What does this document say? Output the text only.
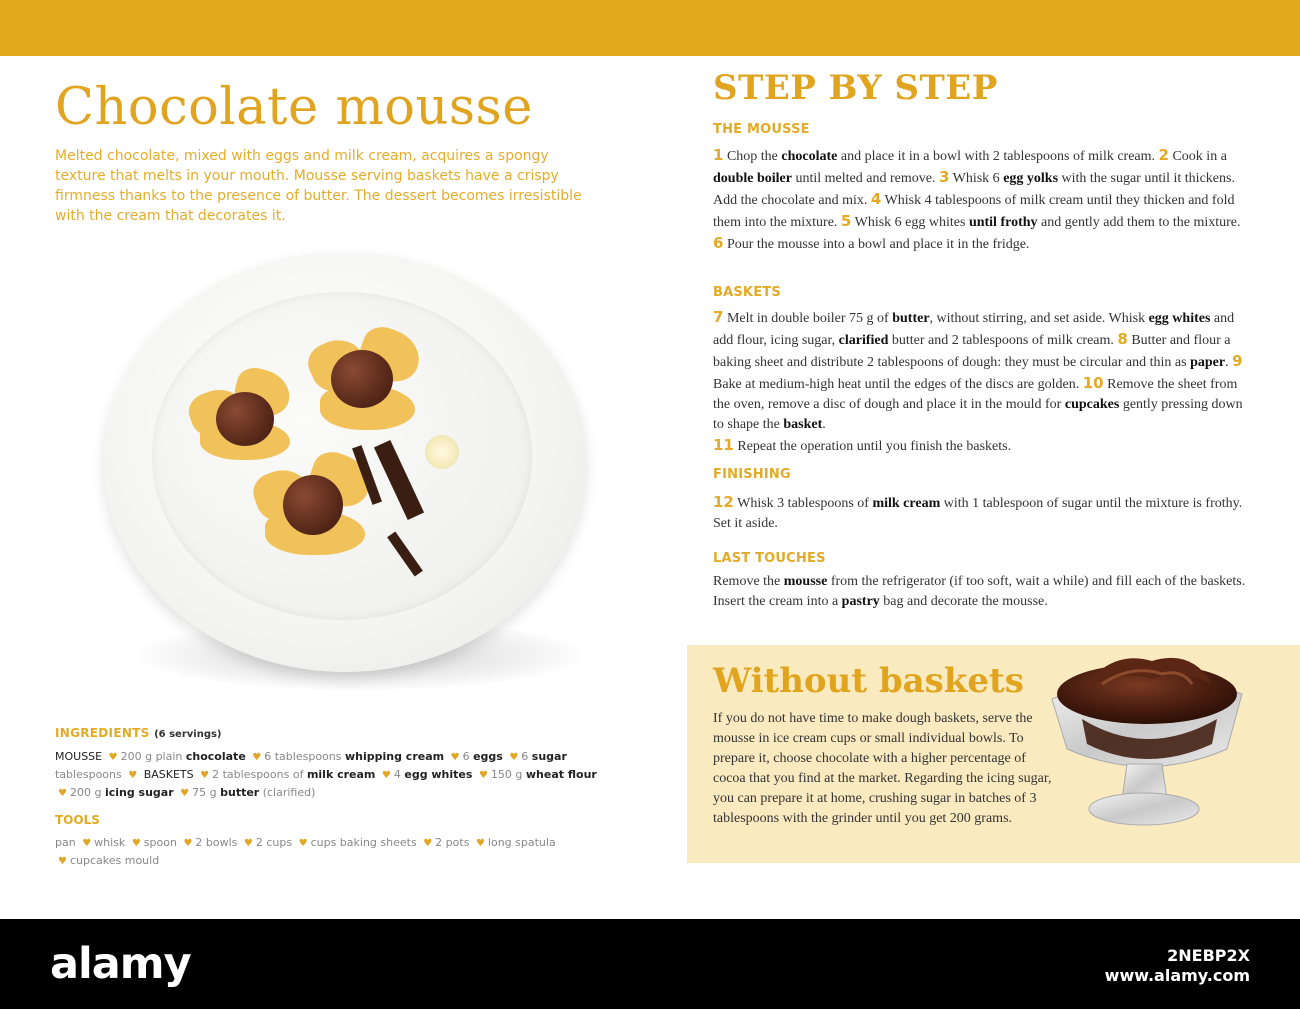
Chocolate mousse

Melted chocolate, mixed with eggs and milk cream, acquires a spongy texture that melts in your mouth. Mousse serving baskets have a crispy firmness thanks to the presence of butter. The dessert becomes irresistible with the cream that decorates it.

INGREDIENTS (6 servings)
MOUSSE ♥ 200 g plain chocolate ♥ 6 tablespoons whipping cream ♥ 6 eggs ♥ 6 sugar tablespoons ♥ BASKETS ♥ 2 tablespoons of milk cream ♥ 4 egg whites ♥ 150 g wheat flour ♥ 200 g icing sugar ♥ 75 g butter (clarified)
TOOLS
pan ♥ whisk ♥ spoon ♥ 2 bowls ♥ 2 cups ♥ cups baking sheets ♥ 2 pots ♥ long spatula ♥ cupcakes mould
STEP BY STEP
THE MOUSSE
1 Chop the chocolate and place it in a bowl with 2 tablespoons of milk cream. 2 Cook in a double boiler until melted and remove. 3 Whisk 6 egg yolks with the sugar until it thickens. Add the chocolate and mix. 4 Whisk 4 tablespoons of milk cream until they thicken and fold them into the mixture. 5 Whisk 6 egg whites until frothy and gently add them to the mixture. 6 Pour the mousse into a bowl and place it in the fridge.
BASKETS
7 Melt in double boiler 75 g of butter, without stirring, and set aside. Whisk egg whites and add flour, icing sugar, clarified butter and 2 tablespoons of milk cream. 8 Butter and flour a baking sheet and distribute 2 tablespoons of dough: they must be circular and thin as paper. 9 Bake at medium-high heat until the edges of the discs are golden. 10 Remove the sheet from the oven, remove a disc of dough and place it in the mould for cupcakes gently pressing down to shape the basket.
11 Repeat the operation until you finish the baskets.
FINISHING
12 Whisk 3 tablespoons of milk cream with 1 tablespoon of sugar until the mixture is frothy. Set it aside.
LAST TOUCHES
Remove the mousse from the refrigerator (if too soft, wait a while) and fill each of the baskets. Insert the cream into a pastry bag and decorate the mousse.
Without baskets
If you do not have time to make dough baskets, serve the mousse in ice cream cups or small individual bowls. To prepare it, choose chocolate with a higher percentage of cocoa that you find at the market. Regarding the icing sugar, you can prepare it at home, crushing sugar in batches of 3 tablespoons with the grinder until you get 200 grams.
alamy	2NEBP2X
www.alamy.com
